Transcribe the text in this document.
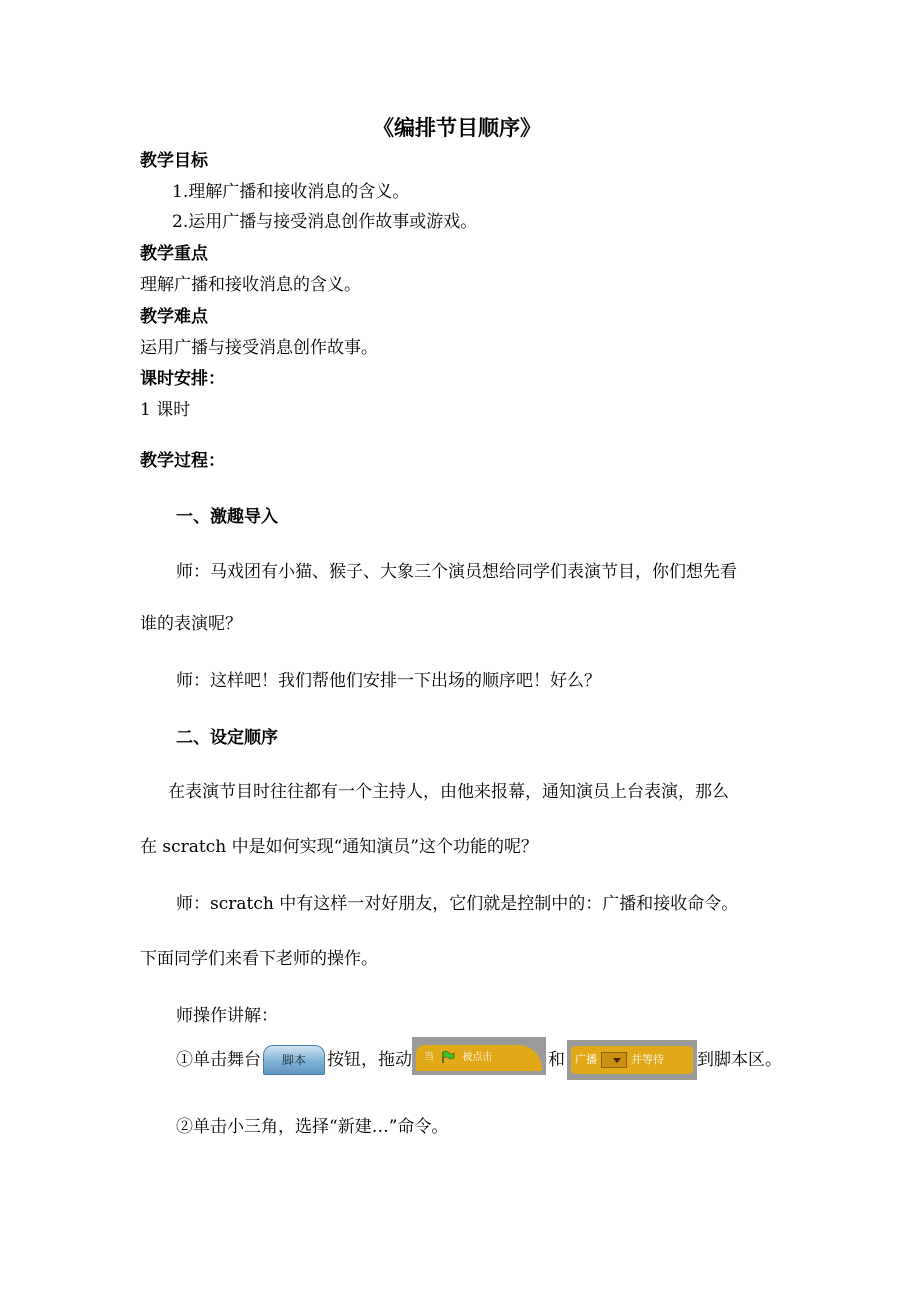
《编排节目顺序》
教学目标
1.理解广播和接收消息的含义。
2.运用广播与接受消息创作故事或游戏。
教学重点
理解广播和接收消息的含义。
教学难点
运用广播与接受消息创作故事。
课时安排：
1 课时
教学过程：
一、激趣导入
师：马戏团有小猫、猴子、大象三个演员想给同学们表演节目，你们想先看
谁的表演呢？
师：这样吧！我们帮他们安排一下出场的顺序吧！好么？
二、设定顺序
在表演节目时往往都有一个主持人，由他来报幕，通知演员上台表演，那么
在 scratch 中是如何实现“通知演员”这个功能的呢？
师：scratch 中有这样一对好朋友，它们就是控制中的：广播和接收命令。
下面同学们来看下老师的操作。
师操作讲解：
①单击舞台	脚本	按钮，拖动	当	被点击	和 广播	并等待 到脚本区。
②单击小三角，选择“新建…”命令。
